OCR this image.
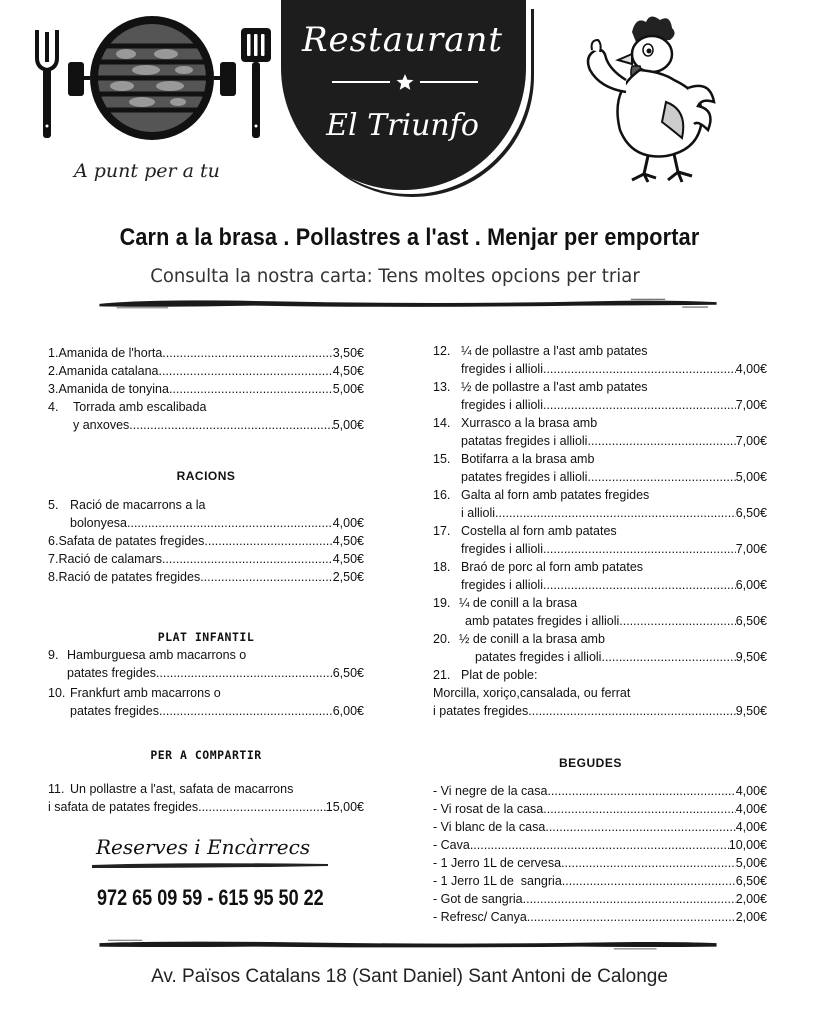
A punt per a tu
Restaurant
El Triunfo
Carn a la brasa . Pollastres a l'ast . Menjar per emportar
Consulta la nostra carta: Tens moltes opcions per triar
1. Amanida de l'horta .....	3,50€
2. Amanida catalana .....	4,50€
3. Amanida de tonyina .....	5,00€
4.	Torrada amb escalibada
y anxoves .....	5,00€
RACIONS
5. Ració de macarrons a la
bolonyesa .....	4,00€
6. Safata de patates fregides .....	4,50€
7. Ració de calamars .....	4,50€
8. Ració de patates fregides .....	2,50€
PLAT INFANTIL
9. Hamburguesa amb macarrons o
patates fregides .....	6,50€
10. Frankfurt amb macarrons o
patates fregides .....	6,00€
PER A COMPARTIR
11. Un pollastre a l'ast, safata de macarrons
i safata de patates fregides .....	15,00€
Reserves i Encàrrecs
972 65 09 59 - 615 95 50 22
12. ¼ de pollastre a l'ast amb patates
fregides i allioli .....	4,00€
13. ½ de pollastre a l'ast amb patates
fregides i allioli .....	7,00€
14. Xurrasco a la brasa amb
patatas fregides i allioli .....	7,00€
15. Botifarra a la brasa amb
patates fregides i allioli .....	5,00€
16. Galta al forn amb patates fregides
i allioli .....	6,50€
17. Costella al forn amb patates
fregides i allioli .....	7,00€
18. Braó de porc al forn amb patates
fregides i allioli .....	6,00€
19. ¼ de conill a la brasa
amb patates fregides i allioli .....	6,50€
20. ½ de conill a la brasa amb
patates fregides i allioli .....	9,50€
21. Plat de poble:
Morcilla, xoriço,cansalada, ou ferrat
i patates fregides .....	9,50€
BEGUDES
- Vi negre de la casa .....	4,00€
- Vi rosat de la casa .....	4,00€
- Vi blanc de la casa .....	4,00€
- Cava .....	10,00€
- 1 Jerro 1L de cervesa .....	5,00€
- 1 Jerro 1L de  sangria .....	6,50€
- Got de sangria .....	2,00€
- Refresc/ Canya .....	2,00€
Av. Països Catalans 18 (Sant Daniel) Sant Antoni de Calonge
